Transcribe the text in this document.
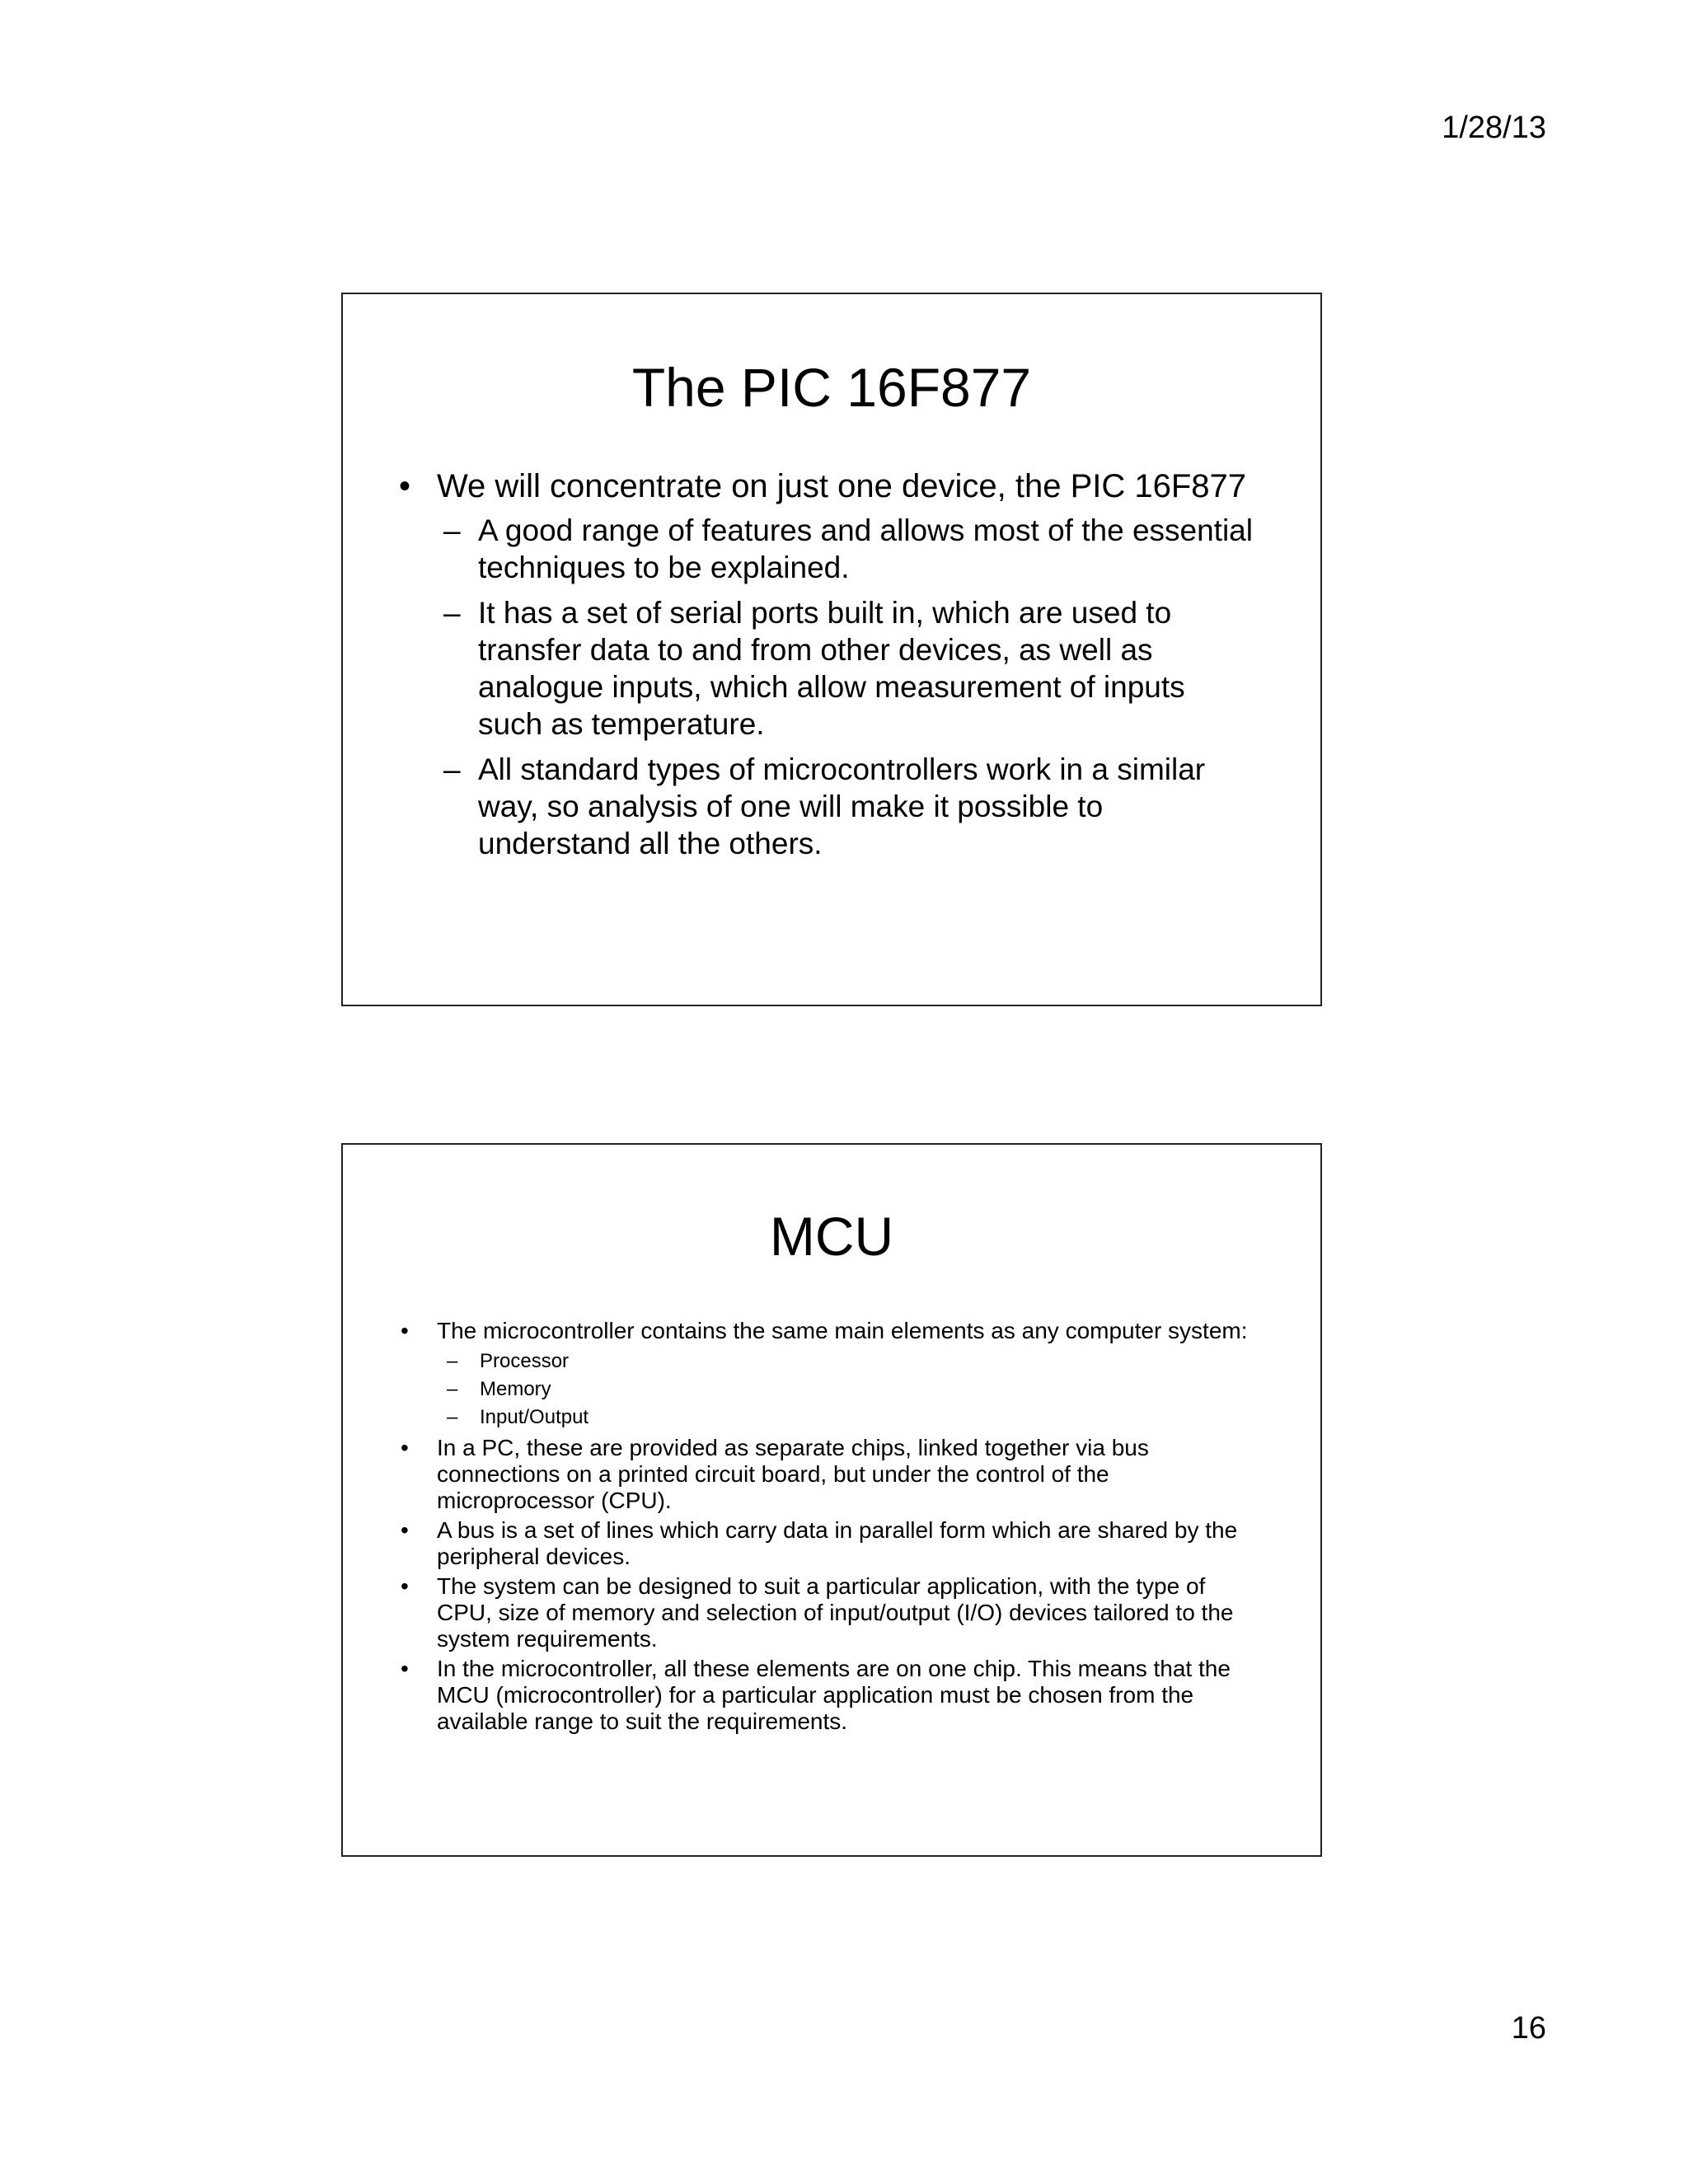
1/28/13
The PIC 16F877
• We will concentrate on just one device, the PIC 16F877
– A good range of features and allows most of the essential techniques to be explained.
– It has a set of serial ports built in, which are used to transfer data to and from other devices, as well as analogue inputs, which allow measurement of inputs such as temperature.
– All standard types of microcontrollers work in a similar way, so analysis of one will make it possible to understand all the others.
MCU
• The microcontroller contains the same main elements as any computer system:
– Processor
– Memory
– Input/Output
• In a PC, these are provided as separate chips, linked together via bus connections on a printed circuit board, but under the control of the microprocessor (CPU).
• A bus is a set of lines which carry data in parallel form which are shared by the peripheral devices.
• The system can be designed to suit a particular application, with the type of CPU, size of memory and selection of input/output (I/O) devices tailored to the system requirements.
• In the microcontroller, all these elements are on one chip. This means that the MCU (microcontroller) for a particular application must be chosen from the available range to suit the requirements.
16
